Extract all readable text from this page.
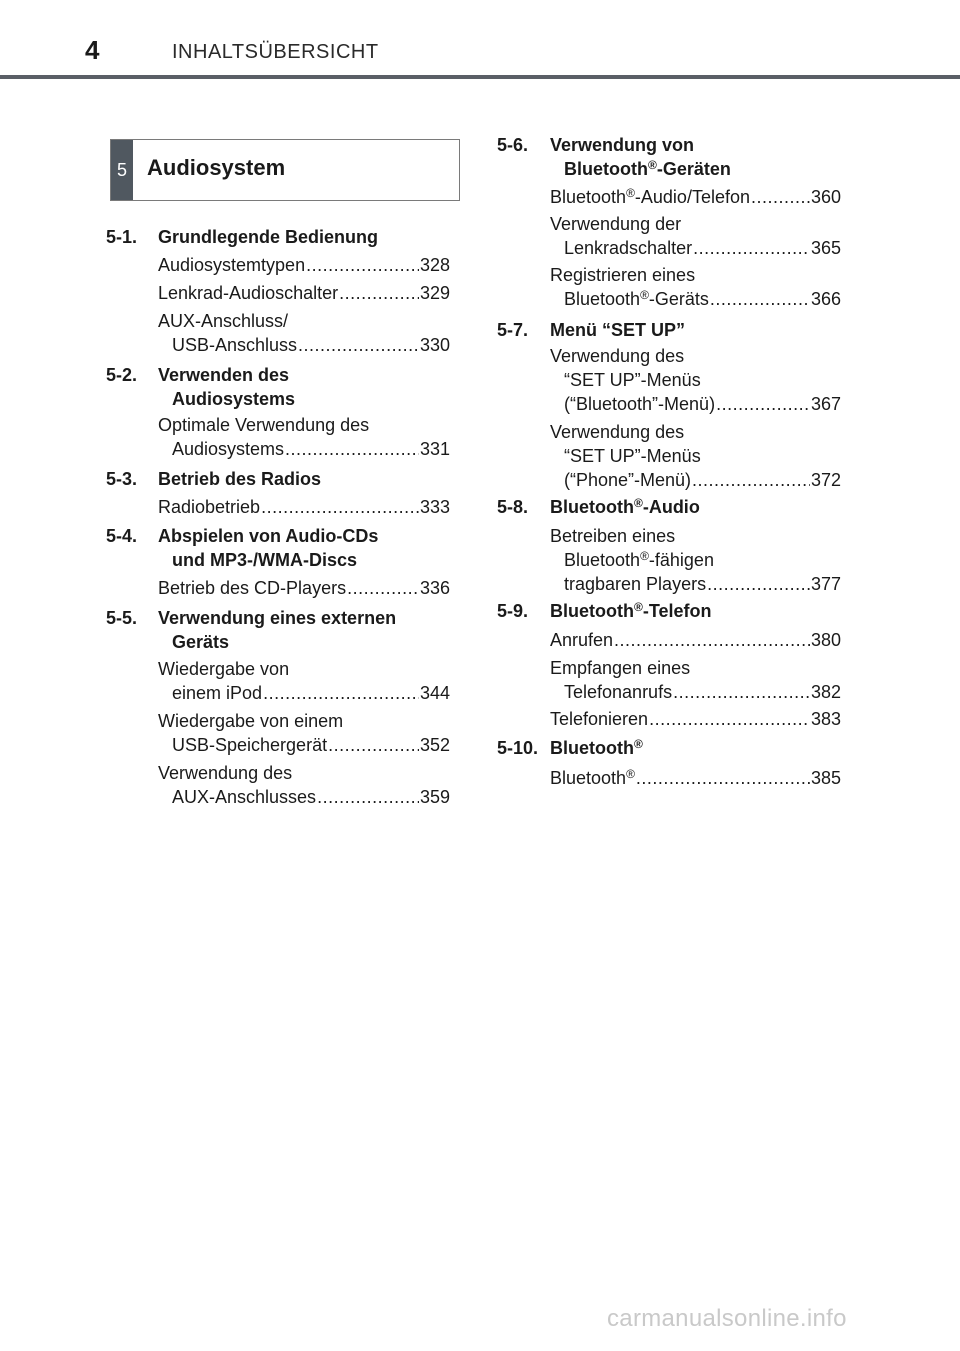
4	INHALTSÜBERSICHT
5 Audiosystem
5-1. Grundlegende Bedienung
Audiosystemtypen .....	328
Lenkrad-Audioschalter .....	329
AUX-Anschluss/
USB-Anschluss .....	330
5-2. Verwenden des
Audiosystems
Optimale Verwendung des
Audiosystems .....	331
5-3. Betrieb des Radios
Radiobetrieb .....	333
5-4. Abspielen von Audio-CDs
und MP3-/WMA-Discs
Betrieb des CD-Players .....	336
5-5. Verwendung eines externen
Geräts
Wiedergabe von
einem iPod .....	344
Wiedergabe von einem
USB-Speichergerät .....	352
Verwendung des
AUX-Anschlusses .....	359
5-6. Verwendung von
Bluetooth®-Geräten
Bluetooth®-Audio/Telefon .....	360
Verwendung der
Lenkradschalter .....	365
Registrieren eines
Bluetooth®-Geräts .....	366
5-7. Menü “SET UP”
Verwendung des
“SET UP”-Menüs
(“Bluetooth”-Menü) .....	367
Verwendung des
“SET UP”-Menüs
(“Phone”-Menü) .....	372
5-8. Bluetooth®-Audio
Betreiben eines
Bluetooth®-fähigen
tragbaren Players .....	377
5-9. Bluetooth®-Telefon
Anrufen .....	380
Empfangen eines
Telefonanrufs .....	382
Telefonieren .....	383
5-10. Bluetooth®
Bluetooth® .....	385
carmanualsonline.info
